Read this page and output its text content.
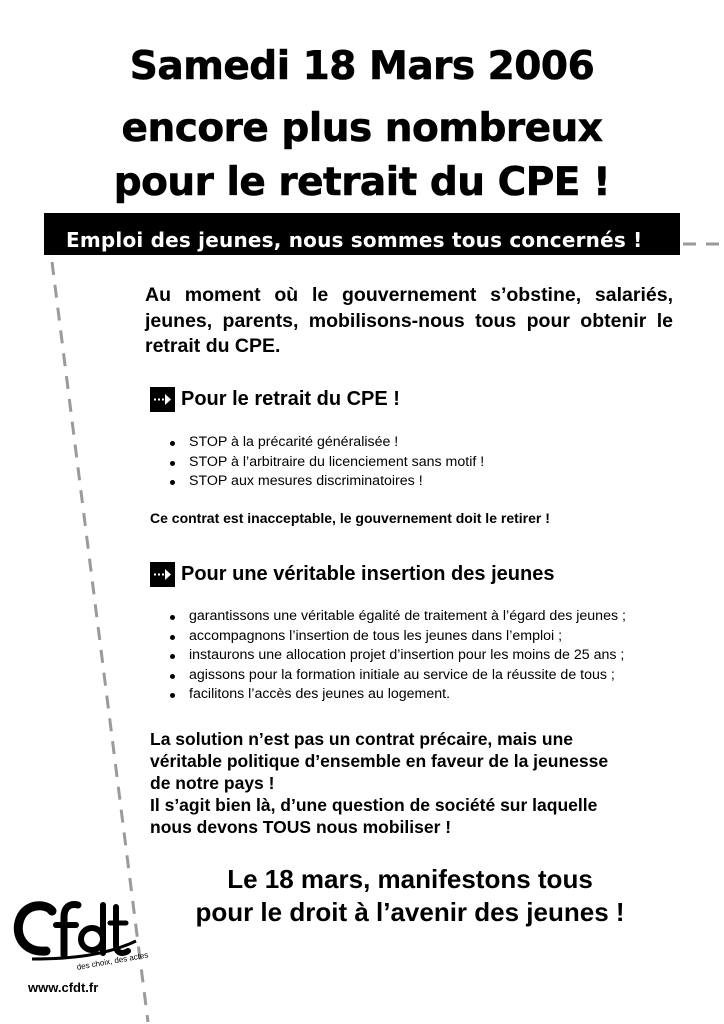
Samedi 18 Mars 2006
encore plus nombreux
pour le retrait du CPE !
Emploi des jeunes, nous sommes tous concernés !
Au moment où le gouvernement s’obstine, salariés, jeunes, parents, mobilisons-nous tous pour obtenir le retrait du CPE.
Pour le retrait du CPE !
STOP à la précarité généralisée !
STOP à l’arbitraire du licenciement sans motif !
STOP aux mesures discriminatoires !
Ce contrat est inacceptable, le gouvernement doit le retirer !
Pour une véritable insertion des jeunes
garantissons une véritable égalité de traitement à l’égard des jeunes ;
accompagnons l’insertion de tous les jeunes dans l’emploi ;
instaurons une allocation projet d’insertion pour les moins de 25 ans ;
agissons pour la formation initiale au service de la réussite de tous ;
facilitons l’accès des jeunes au logement.
La solution n’est pas un contrat précaire, mais une
véritable politique d’ensemble en faveur de la jeunesse
de notre pays !
Il s’agit bien là, d’une question de société sur laquelle
nous devons TOUS nous mobiliser !
Le 18 mars, manifestons tous
pour le droit à l’avenir des jeunes !
des choix, des actes
www.cfdt.fr
